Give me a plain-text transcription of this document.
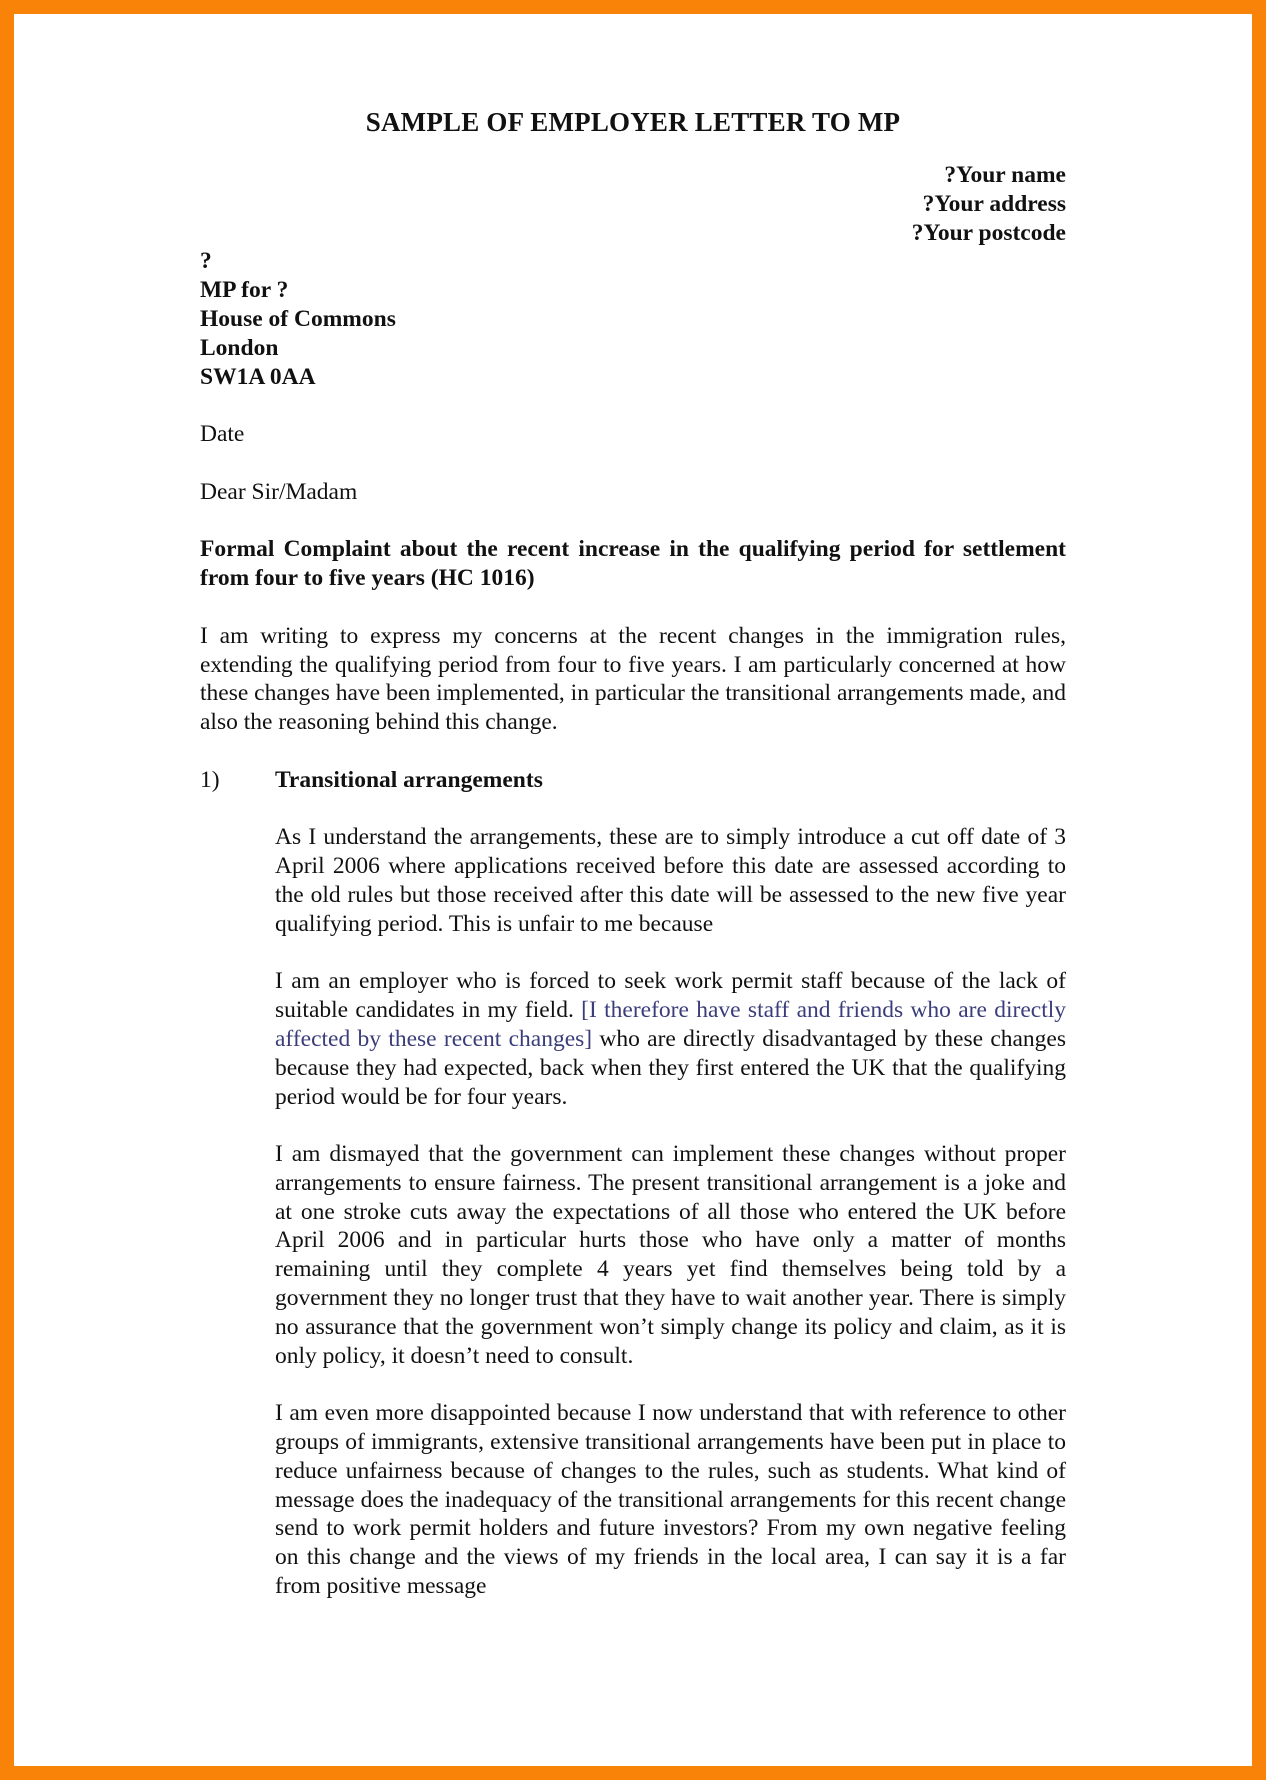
SAMPLE OF EMPLOYER LETTER TO MP
?Your name
?Your address
?Your postcode
?
MP for ?
House of Commons
London
SW1A 0AA
Date
Dear Sir/Madam
Formal Complaint about the recent increase in the qualifying period for settlement from four to five years (HC 1016)
I am writing to express my concerns at the recent changes in the immigration rules, extending the qualifying period from four to five years. I am particularly concerned at how these changes have been implemented, in particular the transitional arrangements made, and also the reasoning behind this change.
1)	Transitional arrangements
As I understand the arrangements, these are to simply introduce a cut off date of 3 April 2006 where applications received before this date are assessed according to the old rules but those received after this date will be assessed to the new five year qualifying period. This is unfair to me because
I am an employer who is forced to seek work permit staff because of the lack of suitable candidates in my field. [I therefore have staff and friends who are directly affected by these recent changes] who are directly disadvantaged by these changes because they had expected, back when they first entered the UK that the qualifying period would be for four years.
I am dismayed that the government can implement these changes without proper arrangements to ensure fairness. The present transitional arrangement is a joke and at one stroke cuts away the expectations of all those who entered the UK before April 2006 and in particular hurts those who have only a matter of months remaining until they complete 4 years yet find themselves being told by a government they no longer trust that they have to wait another year. There is simply no assurance that the government won’t simply change its policy and claim, as it is only policy, it doesn’t need to consult.
I am even more disappointed because I now understand that with reference to other groups of immigrants, extensive transitional arrangements have been put in place to reduce unfairness because of changes to the rules, such as students. What kind of message does the inadequacy of the transitional arrangements for this recent change send to work permit holders and future investors? From my own negative feeling on this change and the views of my friends in the local area, I can say it is a far from positive message
